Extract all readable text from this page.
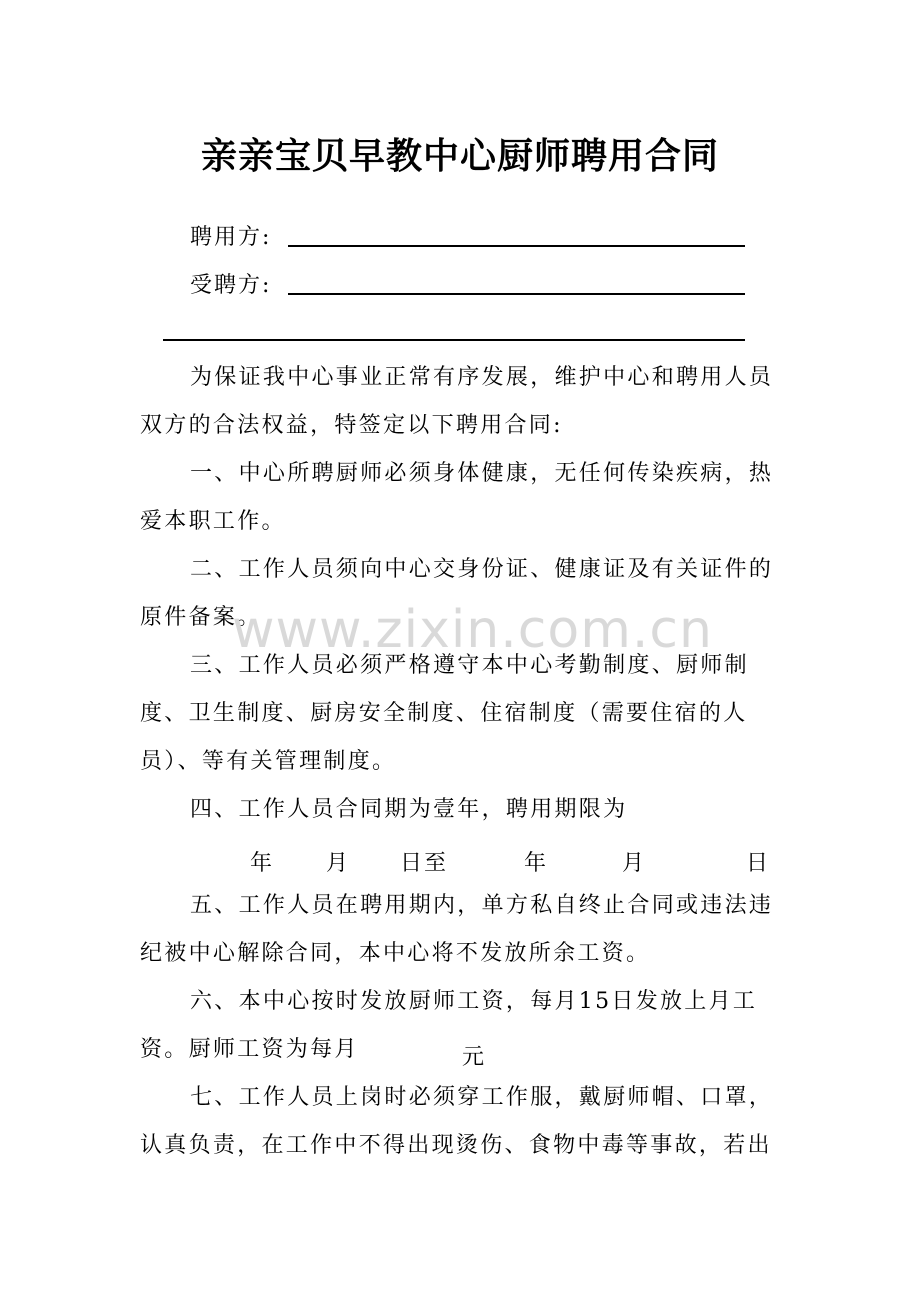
亲亲宝贝早教中心厨师聘用合同
聘用方:
受聘方:

为保证我中心事业正常有序发展，维护中心和聘用人员双方的合法权益，特签定以下聘用合同:

一、中心所聘厨师必须身体健康，无任何传染疾病，热爱本职工作。

二、工作人员须向中心交身份证、健康证及有关证件的原件备案。

三、工作人员必须严格遵守本中心考勤制度、厨师制度、卫生制度、厨房安全制度、住宿制度（需要住宿的人员）、等有关管理制度。

四、工作人员合同期为壹年，聘用期限为

年 月 日至	年	月	日

五、工作人员在聘用期内，单方私自终止合同或违法违纪被中心解除合同，本中心将不发放所余工资。

六、本中心按时发放厨师工资，每月15日发放上月工资。厨师工资为每月	元

七、工作人员上岗时必须穿工作服，戴厨师帽、口罩，认真负责，在工作中不得出现烫伤、食物中毒等事故，若出

www.zixin.com.cn
